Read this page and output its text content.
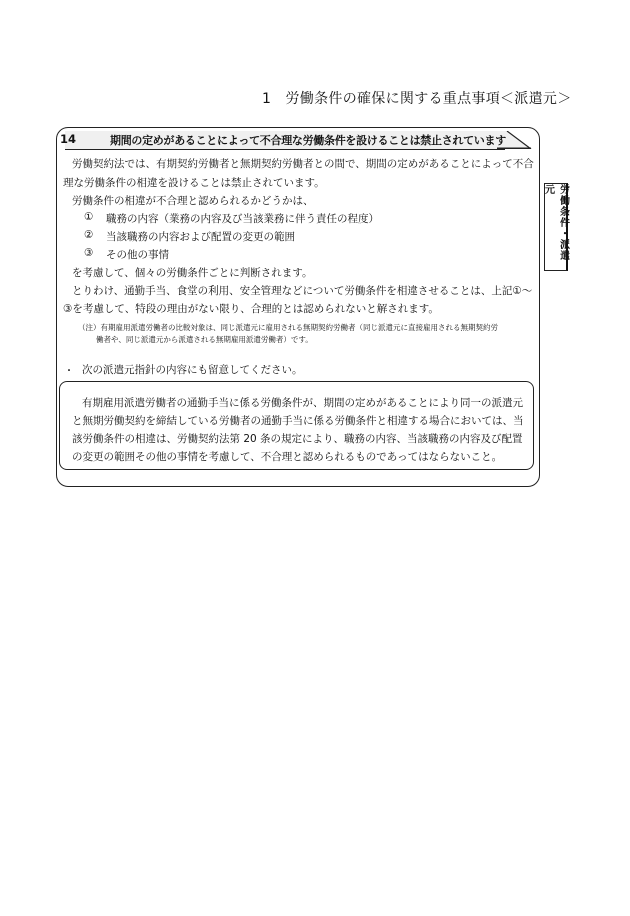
1　労働条件の確保に関する重点事項＜派遣元＞
労働条件・派遣元
14	期間の定めがあることによって不合理な労働条件を設けることは禁止されています
労働契約法では、有期契約労働者と無期契約労働者との間で、期間の定めがあることによって不合
理な労働条件の相違を設けることは禁止されています。
労働条件の相違が不合理と認められるかどうかは、
① 職務の内容（業務の内容及び当該業務に伴う責任の程度）
② 当該職務の内容および配置の変更の範囲
③ その他の事情
を考慮して、個々の労働条件ごとに判断されます。
とりわけ、通勤手当、食堂の利用、安全管理などについて労働条件を相違させることは、上記①～
③を考慮して、特段の理由がない限り、合理的とは認められないと解されます。
（注）有期雇用派遣労働者の比較対象は、同じ派遣元に雇用される無期契約労働者（同じ派遣元に直接雇用される無期契約労
働者や、同じ派遣元から派遣される無期雇用派遣労働者）です。
・ 次の派遣元指針の内容にも留意してください。
有期雇用派遣労働者の通勤手当に係る労働条件が、期間の定めがあることにより同一の派遣元
と無期労働契約を締結している労働者の通勤手当に係る労働条件と相違する場合においては、当
該労働条件の相違は、労働契約法第 20 条の規定により、職務の内容、当該職務の内容及び配置
の変更の範囲その他の事情を考慮して、不合理と認められるものであってはならないこと。
